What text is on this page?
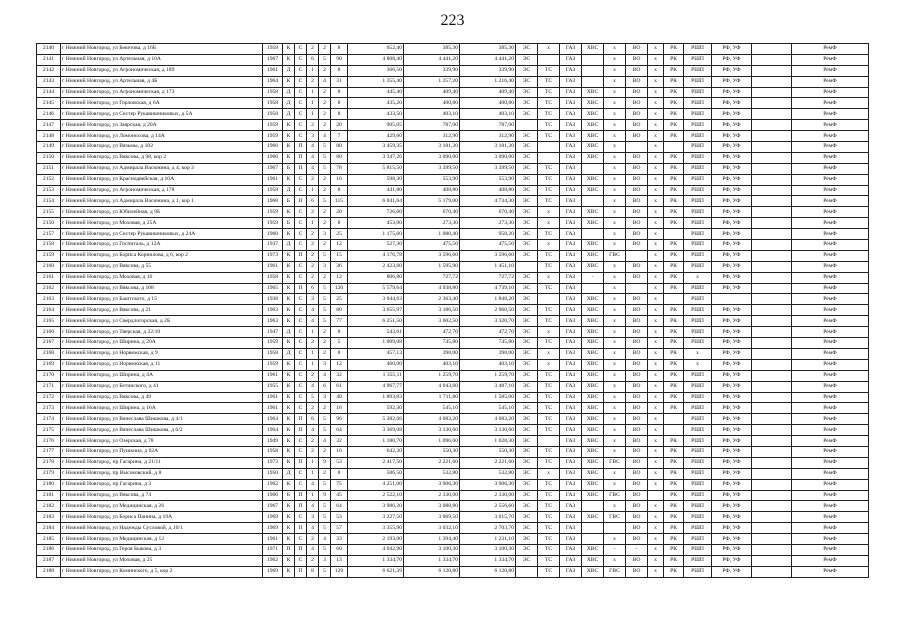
223
2140	г Нижний Новгород, ул Бекетова, д 16Б	1958	К	С	2	2	8	652,40	385,30	385,30	ЭС	х	ГАЗ	ХВС	х	ВО	х	РК	РШП	РФ, УФ		РемФ
2141	г Нижний Новгород, ул Артельная, д 10А	1967	К	С	6	5	90	4 808,40	4 441,20	4 441,20	ЭС		ГАЗ		х	ВО	х	РК	РШП	РФ, УФ		РемФ
2142	г Нижний Новгород, ул Агрономическая, д 189	1961	Д	С	1	2	8	366,50	339,90	339,90	ЭС	ТС	ГАЗ		х	ВО	х	РК	РШП	РФ, УФ		РемФ
2143	г Нижний Новгород, ул Артельная, д 4Б	1964	К	С	2	4	31	1 355,40	1 257,20	1 216,40	ЭС	ТС	ГАЗ		х	ВО	х	РК	РШП	РФ, УФ		РемФ
2144	г Нижний Новгород, ул Агрономическая, д 173	1958	Д	С	1	2	8	445,40	409,40	409,40	ЭС	ТС	ГАЗ	ХВС	х	ВО	х	РК	РШП	РФ, УФ		РемФ
2145	г Нижний Новгород, ул Горловская, д 6А	1958	Д	С	1	2	8	435,20	400,80	400,80	ЭС	ТС	ГАЗ	ХВС	х	ВО	х	РК	РШП	РФ, УФ		РемФ
2146	г Нижний Новгород, ул Сестер Рукавишниковых, д 5А	1958	Д	С	1	2	8	433,50	403,10	403,10	ЭС	ТС	ГАЗ	ХВС	х	ВО	х	РК	РШП	РФ, УФ		РемФ
2147	г Нижний Новгород, ул Заярская, д 20А	1959	К	С	2	2	20	905,05	787,00	787,00		ТС	ГАЗ	ХВС	х	ВО	х	РК	РШП	РФ, УФ		РемФ
2148	г Нижний Новгород, ул Ломоносова, д 14А	1959	К	С	3	4	7	429,60	312,90	312,90	ЭС	ТС	ГАЗ	ХВС	х	ВО	х	РК	РШП	РФ, УФ		РемФ
2149	г Нижний Новгород, ул Вязьмы, д 102	1966	К	П	4	5	80	3 459,35	3 181,20	3 181,20	ЭС		ГАЗ	ХВС	х		х		РШП	РФ, УФ		РемФ
2150	г Нижний Новгород, ул Вяксова, д 98, кор 2	1966	К	П	4	5	80	3 347,26	3 090,00	3 090,00	ЭС		ГАЗ	ХВС	х	ВО	х	РК	РШП	РФ, УФ		РемФ
2151	г Нижний Новгород, ул Адмирала Васюнина, д 4, кор 3	1967	Б	П	4	5	78	5 815,50	3 399,50	3 399,50	ЭС	ТС	ГАЗ		х	ВО	х	РК	РШП	РФ, УФ		РемФ
2152	г Нижний Новгород, ул Краснодвейская, д 10А	1961	К	С	2	2	16	598,30	553,90	553,90	ЭС	ТС	ГАЗ	ХВС	х	ВО	х	РК	РШП	РФ, УФ		РемФ
2153	г Нижний Новгород, ул Агрономическая, д 178	1958	Д	С	1	2	8	441,80	408,80	408,80	ЭС	ТС	ГАЗ	ХВС	х	ВО	х	РК	РШП	РФ, УФ		РемФ
2154	г Нижний Новгород, ул Адмирала Васюнина, д 1, кор 1	1968	Б	П	6	5	115	6 041,64	5 179,00	4 734,30	ЭС	ТС	ГАЗ		х	ВО	х	РК	РШП	РФ, УФ		РемФ
2155	г Нижний Новгород, ул Юбилейная, д 9Б	1959	К	С	2	2	20	726,60	670,40	670,40	ЭС	х	ГАЗ	ХВС	х	ВО	х	РК	РШП	РФ, УФ		РемФ
2156	г Нижний Новгород, ул Моховая, д 25А	1959	Б	С	1	2	8	453,00	273,30	273,30	ЭС	х	ГАЗ	ХВС	х	ВО	х	РК	РШП	РФ, УФ		РемФ
2157	г Нижний Новгород, ул Сестер Рукавишниковых, д 24А	1960	К	С	2	3	25	1 175,60	1 080,40	958,20	ЭС	ТС	ГАЗ		х	ВО	х		РШП	РФ, УФ		РемФ
2158	г Нижний Новгород, ул Госпиталь, д 12А	1937	Д	С	2	2	12	527,30	475,50	475,50	ЭС	х	ГАЗ	ХВС	х	ВО	х	РК	РШП	РФ, УФ		РемФ
2159	г Нижний Новгород, ул Бориса Корнилова, д 6, кор 2	1973	К	П	2	5	15	4 176,78	3 596,60	3 596,60	ЭС	ТС	ГАЗ	ХВС	ГВС		х	РК	РШП	РФ, УФ		РемФ
2160	г Нижний Новгород, ул Вяксова, д 55	1961	К	С	2	3	36	2 423,60	1 595,90	1 451,10		ТС	ГАЗ	ХВС	х	ВО	х	РК	РШП	РФ, УФ		РемФ
2161	г Нижний Новгород, ул Моховая, д 16	1958	К	С	2	2	12	806,80	727,72	727,72	ЭС	х	ГАЗ	-	х	ВО	х	РК	х	РФ, УФ		РемФ
2162	г Нижний Новгород, ул Вяксова, д 108	1965	К	П	6	5	120	5 579,64	4 938,80	4 739,10	ЭС	ТС	ГАЗ		х		х	РК	РШП	РФ, УФ		РемФ
2163	г Нижний Новгород, ул Баштского, д 15	1938	К	С	3	5	25	3 044,63	2 363,40	1 848,20	ЭС		ГАЗ	ХВС	х	ВО	х		РШП			РемФ
2164	г Нижний Новгород, ул Вяксова, д 21	1963	К	С	4	5	80	3 655,97	3 186,50	2 960,50	ЭС	ТС	ГАЗ	ХВС	х	ВО	х	РК	РШП	РФ, УФ		РемФ
2165	г Нижний Новгород, ул Свердлогорская, д 2Б	1963	К	С	4	5	77	6 251,50	3 602,50	3 320,70	ЭС	ТС	ГАЗ	ХВС	х	ВО	х	РК	РШП	РФ, УФ		РемФ
2166	г Нижний Новгород, ул Тверская, д 22/10	1947	Д	С	1	2	8	543,61	472,70	472,70	ЭС	х	ГАЗ	ХВС	х	ВО	х	РК	РШП	РФ, УФ		РемФ
2167	г Нижний Новгород, ул Ширина, д 20А	1959	К	С	3	2	5	1 009,08	745,80	745,80	ЭС	ТС	ГАЗ	ХВС	х	ВО	х	РК	РШП	РФ, УФ		РемФ
2168	г Нижний Новгород, ул Норвежская, д 9	1958	Д	С	1	2	8	457,13	398,00	398,00	ЭС	х	ГАЗ	ХВС	х	ВО	х	РК	х	РФ, УФ		РемФ
2169	г Нижний Новгород, ул Норвежская, д 11	1959	К	С	1	3	12	460,00	403,10	403,10	ЭС	х	ГАЗ	ХВС	х	ВО	х	РК	х	РФ, УФ		РемФ
2170	г Нижний Новгород, ул Ширина, д 4А	1961	К	С	2	4	32	1 355,11	1 259,70	1 259,70	ЭС	ТС	ГАЗ	ХВС	х	ВО	х	РК	РШП	РФ, УФ		РемФ
2171	г Нижний Новгород, ул Бетинского, д 41	1955	К	С	4	6	61	4 967,77	4 043,60	3 487,10	ЭС	ТС	ГАЗ	ХВС	х	ВО	х	РК	РШП	РФ, УФ		РемФ
2172	г Нижний Новгород, ул Вяксова, д 49	1961	К	С	5	3	40	1 893,83	1 711,80	1 585,00	ЭС	ТС	ГАЗ	ХВС	х	ВО	х	РК	РШП	РФ, УФ		РемФ
2173	г Нижний Новгород, ул Ширина, д 16А	1961	К	С	2	2	16	592,30	545,10	545,10	ЭС	ТС	ГАЗ	ХВС	х	ВО	х	РК	РШП	РФ, УФ		РемФ
2174	г Нижний Новгород, ул Вячеслава Шишкова, д 4/1	1964	К	П	6	5	96	5 382,66	4 683,20	4 683,20	ЭС	ТС	ГАЗ	ХВС	х	ВО	х		РШП	РФ, УФ		РемФ
2175	г Нижний Новгород, ул Вячеслава Шишкова, д 6/2	1964	К	П	4	5	64	3 369,08	3 130,60	3 130,60	ЭС	ТС	ГАЗ	ХВС	х	ВО	х		РШП	РФ, УФ		РемФ
2176	г Нижний Новгород, ул Озерская, д 78	1949	К	С	2	4	32	1 180,70	1 096,60	1 028,30	ЭС		ГАЗ	ХВС	х	ВО	х	РК	РШП	РФ, УФ		РемФ
2177	г Нижний Новгород, ул Пушкина, д 62А	1958	К	С	2	2	16	642,30	550,30	550,30	ЭС	ТС	ГАЗ	ХВС	х	ВО	х	РК	РШП	РФ, УФ		РемФ
2178	г Нижний Новгород, пр Гагарина, д 21/11	1973	К	П	1	9	53	2 417,50	2 221,60	2 221,60	ЭС	ТС	ГАЗ	ХВС	ГВС	ВО	х	РК	РШП	РФ, УФ		РемФ
2179	г Нижний Новгород, пр Высоковский, д 8	1950	Д	С	1	2	8	586,50	532,80	532,80	ЭС	х	ГАЗ	ХВС	х	ВО	х	РК	РШП	РФ, УФ		РемФ
2180	г Нижний Новгород, пр Гагарина, д 3	1962	К	С	4	5	75	4 251,00	3 906,30	3 906,30	ЭС	ТС	ГАЗ	ХВС	х	ВО	х	РК	РШП	РФ, УФ		РемФ
2181	г Нижний Новгород, ул Вяксова, д 74	1966	Б	П	1	9	45	2 522,10	2 330,00	2 330,00	ЭС	ТС	ГАЗ	ХВС	ГВС	ВО		РК	РШП	РФ, УФ		РемФ
2182	г Нижний Новгород, ул Медицинская, д 26	1967	К	П	4	5	64	3 986,20	3 088,80	2 556,60	ЭС	ТС	ГАЗ		х	ВО	х	РК	РШП	РФ, УФ		РемФ
2183	г Нижний Новгород, ул Бориса Панина, д 19А	1969	К	С	3	5	53	3 227,50	3 069,50	3 015,70	ЭС	ТС	ГАЗ	ХВС	ГВС	ВО	х	РК	РШП	РФ, УФ		РемФ
2184	г Нижний Новгород, ул Надежды Сусловой, д 10/1	1969	К	П	4	5	57	3 355,90	3 032,10	2 703,70	ЭС	ТС	ГАЗ			ВО	х	РК	РШП	РФ, УФ		РемФ
2185	г Нижний Новгород, ул Медицинская, д 12	1961	К	С	2	4	33	2 193,00	1 394,40	1 231,10	ЭС	ТС	ГАЗ		х	ВО	х	РК	РШП	РФ, УФ		РемФ
2186	г Нижний Новгород, ул Героя Быкова, д 3	1971	П	П	4	5	60	4 042,90	3 100,30	3 100,30	ЭС	ТС	ГАЗ	ХВС	-	-	х	РК	РШП	РФ, УФ		РемФ
2187	г Нижний Новгород, ул Моховая, д 25	1962	К	С	2	3	13	1 334,70	1 334,70	1 334,70	ЭС	ТС	ГАЗ	ХВС	х	ВО	х	РК	РШП	РФ, УФ		РемФ
2188	г Нижний Новгород, ул Коминского, д 5, кор 2	1969	К	П	8	5	129	6 621,39	6 120,80	6 120,80		ТС	ГАЗ	ХВС	ГВС	ВО	х	РК	РШП	РФ, УФ		РемФ
